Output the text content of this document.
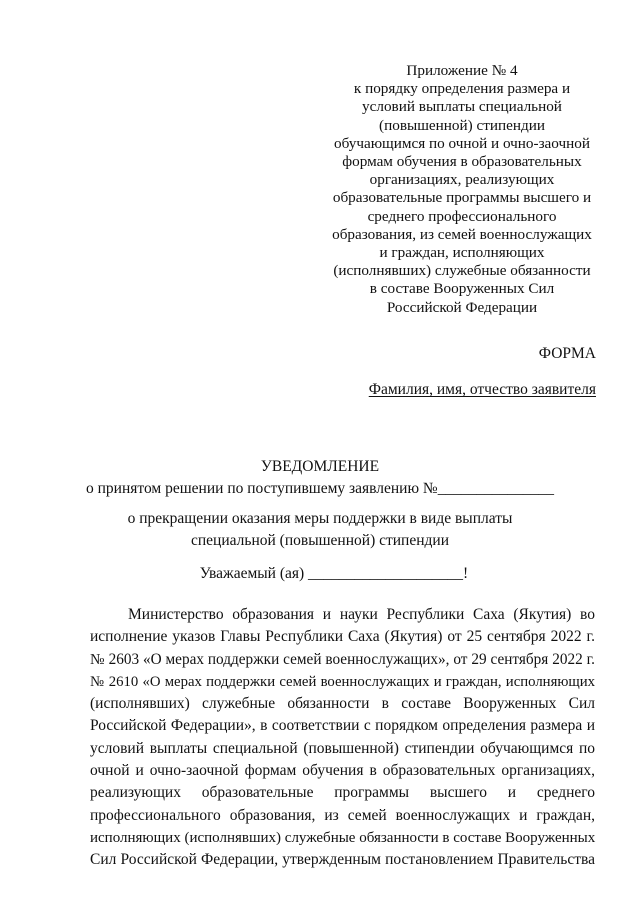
Приложение № 4
к порядку определения размера и
условий выплаты специальной
(повышенной) стипендии
обучающимся по очной и очно-заочной
формам обучения в образовательных
организациях, реализующих
образовательные программы высшего и
среднего профессионального
образования, из семей военнослужащих
и граждан, исполняющих
(исполнявших) служебные обязанности
в составе Вооруженных Сил
Российской Федерации
ФОРМА
Фамилия, имя, отчество заявителя
УВЕДОМЛЕНИЕ
о принятом решении по поступившему заявлению №_______________
о прекращении оказания меры поддержки в виде выплаты
специальной (повышенной) стипендии
Уважаемый (ая) ____________________!
Министерство образования и науки Республики Саха (Якутия) во
исполнение указов Главы Республики Саха (Якутия) от 25 сентября 2022 г.
№ 2603 «О мерах поддержки семей военнослужащих», от 29 сентября 2022 г.
№ 2610 «О мерах поддержки семей военнослужащих и граждан, исполняющих
(исполнявших) служебные обязанности в составе Вооруженных Сил
Российской Федерации», в соответствии с порядком определения размера и
условий выплаты специальной (повышенной) стипендии обучающимся по
очной и очно-заочной формам обучения в образовательных организациях,
реализующих образовательные программы высшего и среднего
профессионального образования, из семей военнослужащих и граждан,
исполняющих (исполнявших) служебные обязанности в составе Вооруженных
Сил Российской Федерации, утвержденным постановлением Правительства
